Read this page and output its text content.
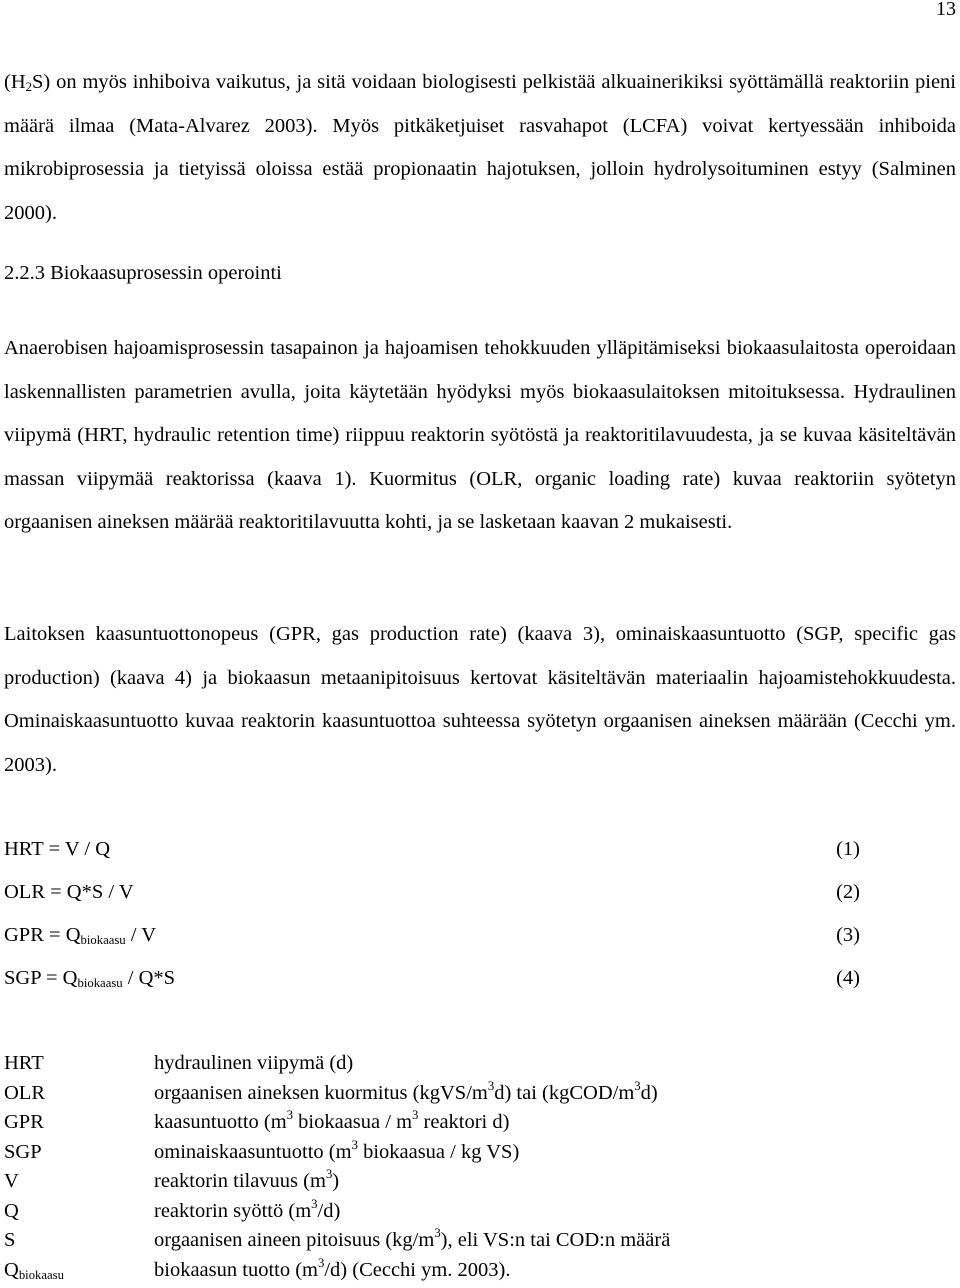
13

$(H_2S)$ on myös inhiboiva vaikutus, ja sitä voidaan biologisesti pelkistää alkuainerikiksi syöttämällä reaktoriin pieni määrä ilmaa (Mata-Alvarez 2003). Myös pitkäketjuiset rasvahapot (LCFA) voivat kertyessään inhiboida mikrobiprosessia ja tietyissä oloissa estää propionaatin hajotuksen, jolloin hydrolysoituminen estyy (Salminen 2000).

2.2.3 Biokaasuprosessin operointi

Anaerobisen hajoamisprosessin tasapainon ja hajoamisen tehokkuuden ylläpitämiseksi biokaasulaitosta operoidaan laskennallisten parametrien avulla, joita käytetään hyödyksi myös biokaasulaitoksen mitoituksessa. Hydraulinen viipymä (HRT, hydraulic retention time) riippuu reaktorin syötöstä ja reaktoritilavuudesta, ja se kuvaa käsiteltävän massan viipymää reaktorissa (kaava 1). Kuormitus (OLR, organic loading rate) kuvaa reaktoriin syötetyn orgaanisen aineksen määrää reaktoritilavuutta kohti, ja se lasketaan kaavan 2 mukaisesti.

Laitoksen kaasuntuottonopeus (GPR, gas production rate) (kaava 3), ominaiskaasuntuotto (SGP, specific gas production) (kaava 4) ja biokaasun metaanipitoisuus kertovat käsiteltävän materiaalin hajoamistehokkuudesta. Ominaiskaasuntuotto kuvaa reaktorin kaasuntuottoa suhteessa syötetyn orgaanisen aineksen määrään (Cecchi ym. 2003).

HRT = V / Q	(1)
OLR = Q*S / V	(2)
GPR = $Q_{biokaasu}$ / V	(3)
SGP = $Q_{biokaasu} / Q*S$	(4)
HRT	hydraulinen viipymä (d)
OLR	orgaanisen aineksen kuormitus $(kgVS/m^3d)$ tai $(kgCOD/m^3d)$
GPR	kaasuntuotto ($m^3$ biokaasua / $m^3$ reaktori d)
SGP	ominaiskaasuntuotto ($m^3$ biokaasua / kg VS)
V	reaktorin tilavuus $(m^3)$
Q	reaktorin syöttö $(m^3/d)$
S	orgaanisen aineen pitoisuus $(kg/m^3)$, eli VS:n tai COD:n määrä
$Q_{biokaasu}$	biokaasun tuotto $(m^3/d)$ (Cecchi ym. 2003).
